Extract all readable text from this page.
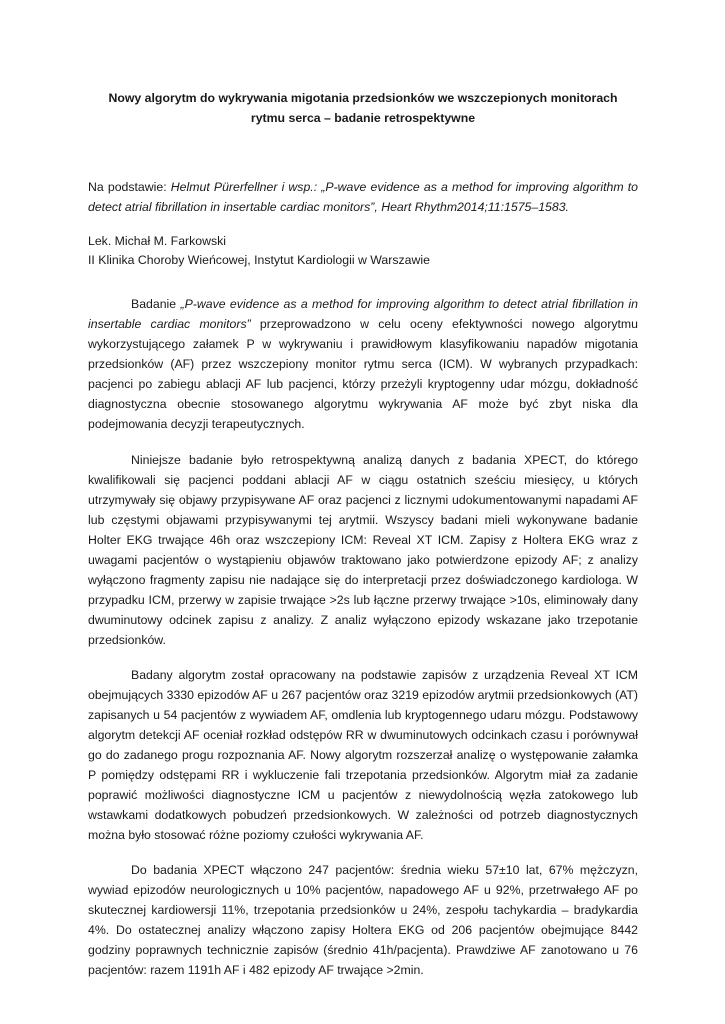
Nowy algorytm do wykrywania migotania przedsionków we wszczepionych monitorach
rytmu serca – badanie retrospektywne

Na podstawie: Helmut Pürerfellner i wsp.: „P-wave evidence as a method for improving algorithm to detect atrial fibrillation in insertable cardiac monitors”, Heart Rhythm2014;11:1575–1583.

Lek. Michał M. Farkowski
II Klinika Choroby Wieńcowej, Instytut Kardiologii w Warszawie

Badanie „P-wave evidence as a method for improving algorithm to detect atrial fibrillation in insertable cardiac monitors” przeprowadzono w celu oceny efektywności nowego algorytmu wykorzystującego załamek P w wykrywaniu i prawidłowym klasyfikowaniu napadów migotania przedsionków (AF) przez wszczepiony monitor rytmu serca (ICM). W wybranych przypadkach: pacjenci po zabiegu ablacji AF lub pacjenci, którzy przeżyli kryptogenny udar mózgu, dokładność diagnostyczna obecnie stosowanego algorytmu wykrywania AF może być zbyt niska dla podejmowania decyzji terapeutycznych.

Niniejsze badanie było retrospektywną analizą danych z badania XPECT, do którego kwalifikowali się pacjenci poddani ablacji AF w ciągu ostatnich sześciu miesięcy, u których utrzymywały się objawy przypisywane AF oraz pacjenci z licznymi udokumentowanymi napadami AF lub częstymi objawami przypisywanymi tej arytmii. Wszyscy badani mieli wykonywane badanie Holter EKG trwające 46h oraz wszczepiony ICM: Reveal XT ICM. Zapisy z Holtera EKG wraz z uwagami pacjentów o wystąpieniu objawów traktowano jako potwierdzone epizody AF; z analizy wyłączono fragmenty zapisu nie nadające się do interpretacji przez doświadczonego kardiologa. W przypadku ICM, przerwy w zapisie trwające >2s lub łączne przerwy trwające >10s, eliminowały dany dwuminutowy odcinek zapisu z analizy. Z analiz wyłączono epizody wskazane jako trzepotanie przedsionków.

Badany algorytm został opracowany na podstawie zapisów z urządzenia Reveal XT ICM obejmujących 3330 epizodów AF u 267 pacjentów oraz 3219 epizodów arytmii przedsionkowych (AT) zapisanych u 54 pacjentów z wywiadem AF, omdlenia lub kryptogennego udaru mózgu. Podstawowy algorytm detekcji AF oceniał rozkład odstępów RR w dwuminutowych odcinkach czasu i porównywał go do zadanego progu rozpoznania AF. Nowy algorytm rozszerzał analizę o występowanie załamka P pomiędzy odstępami RR i wykluczenie fali trzepotania przedsionków. Algorytm miał za zadanie poprawić możliwości diagnostyczne ICM u pacjentów z niewydolnością węzła zatokowego lub wstawkami dodatkowych pobudzeń przedsionkowych. W zależności od potrzeb diagnostycznych można było stosować różne poziomy czułości wykrywania AF.

Do badania XPECT włączono 247 pacjentów: średnia wieku 57±10 lat, 67% mężczyzn, wywiad epizodów neurologicznych u 10% pacjentów, napadowego AF u 92%, przetrwałego AF po skutecznej kardiowersji 11%, trzepotania przedsionków u 24%, zespołu tachykardia – bradykardia 4%. Do ostatecznej analizy włączono zapisy Holtera EKG od 206 pacjentów obejmujące 8442 godziny poprawnych technicznie zapisów (średnio 41h/pacjenta). Prawdziwe AF zanotowano u 76 pacjentów: razem 1191h AF i 482 epizody AF trwające >2min.
